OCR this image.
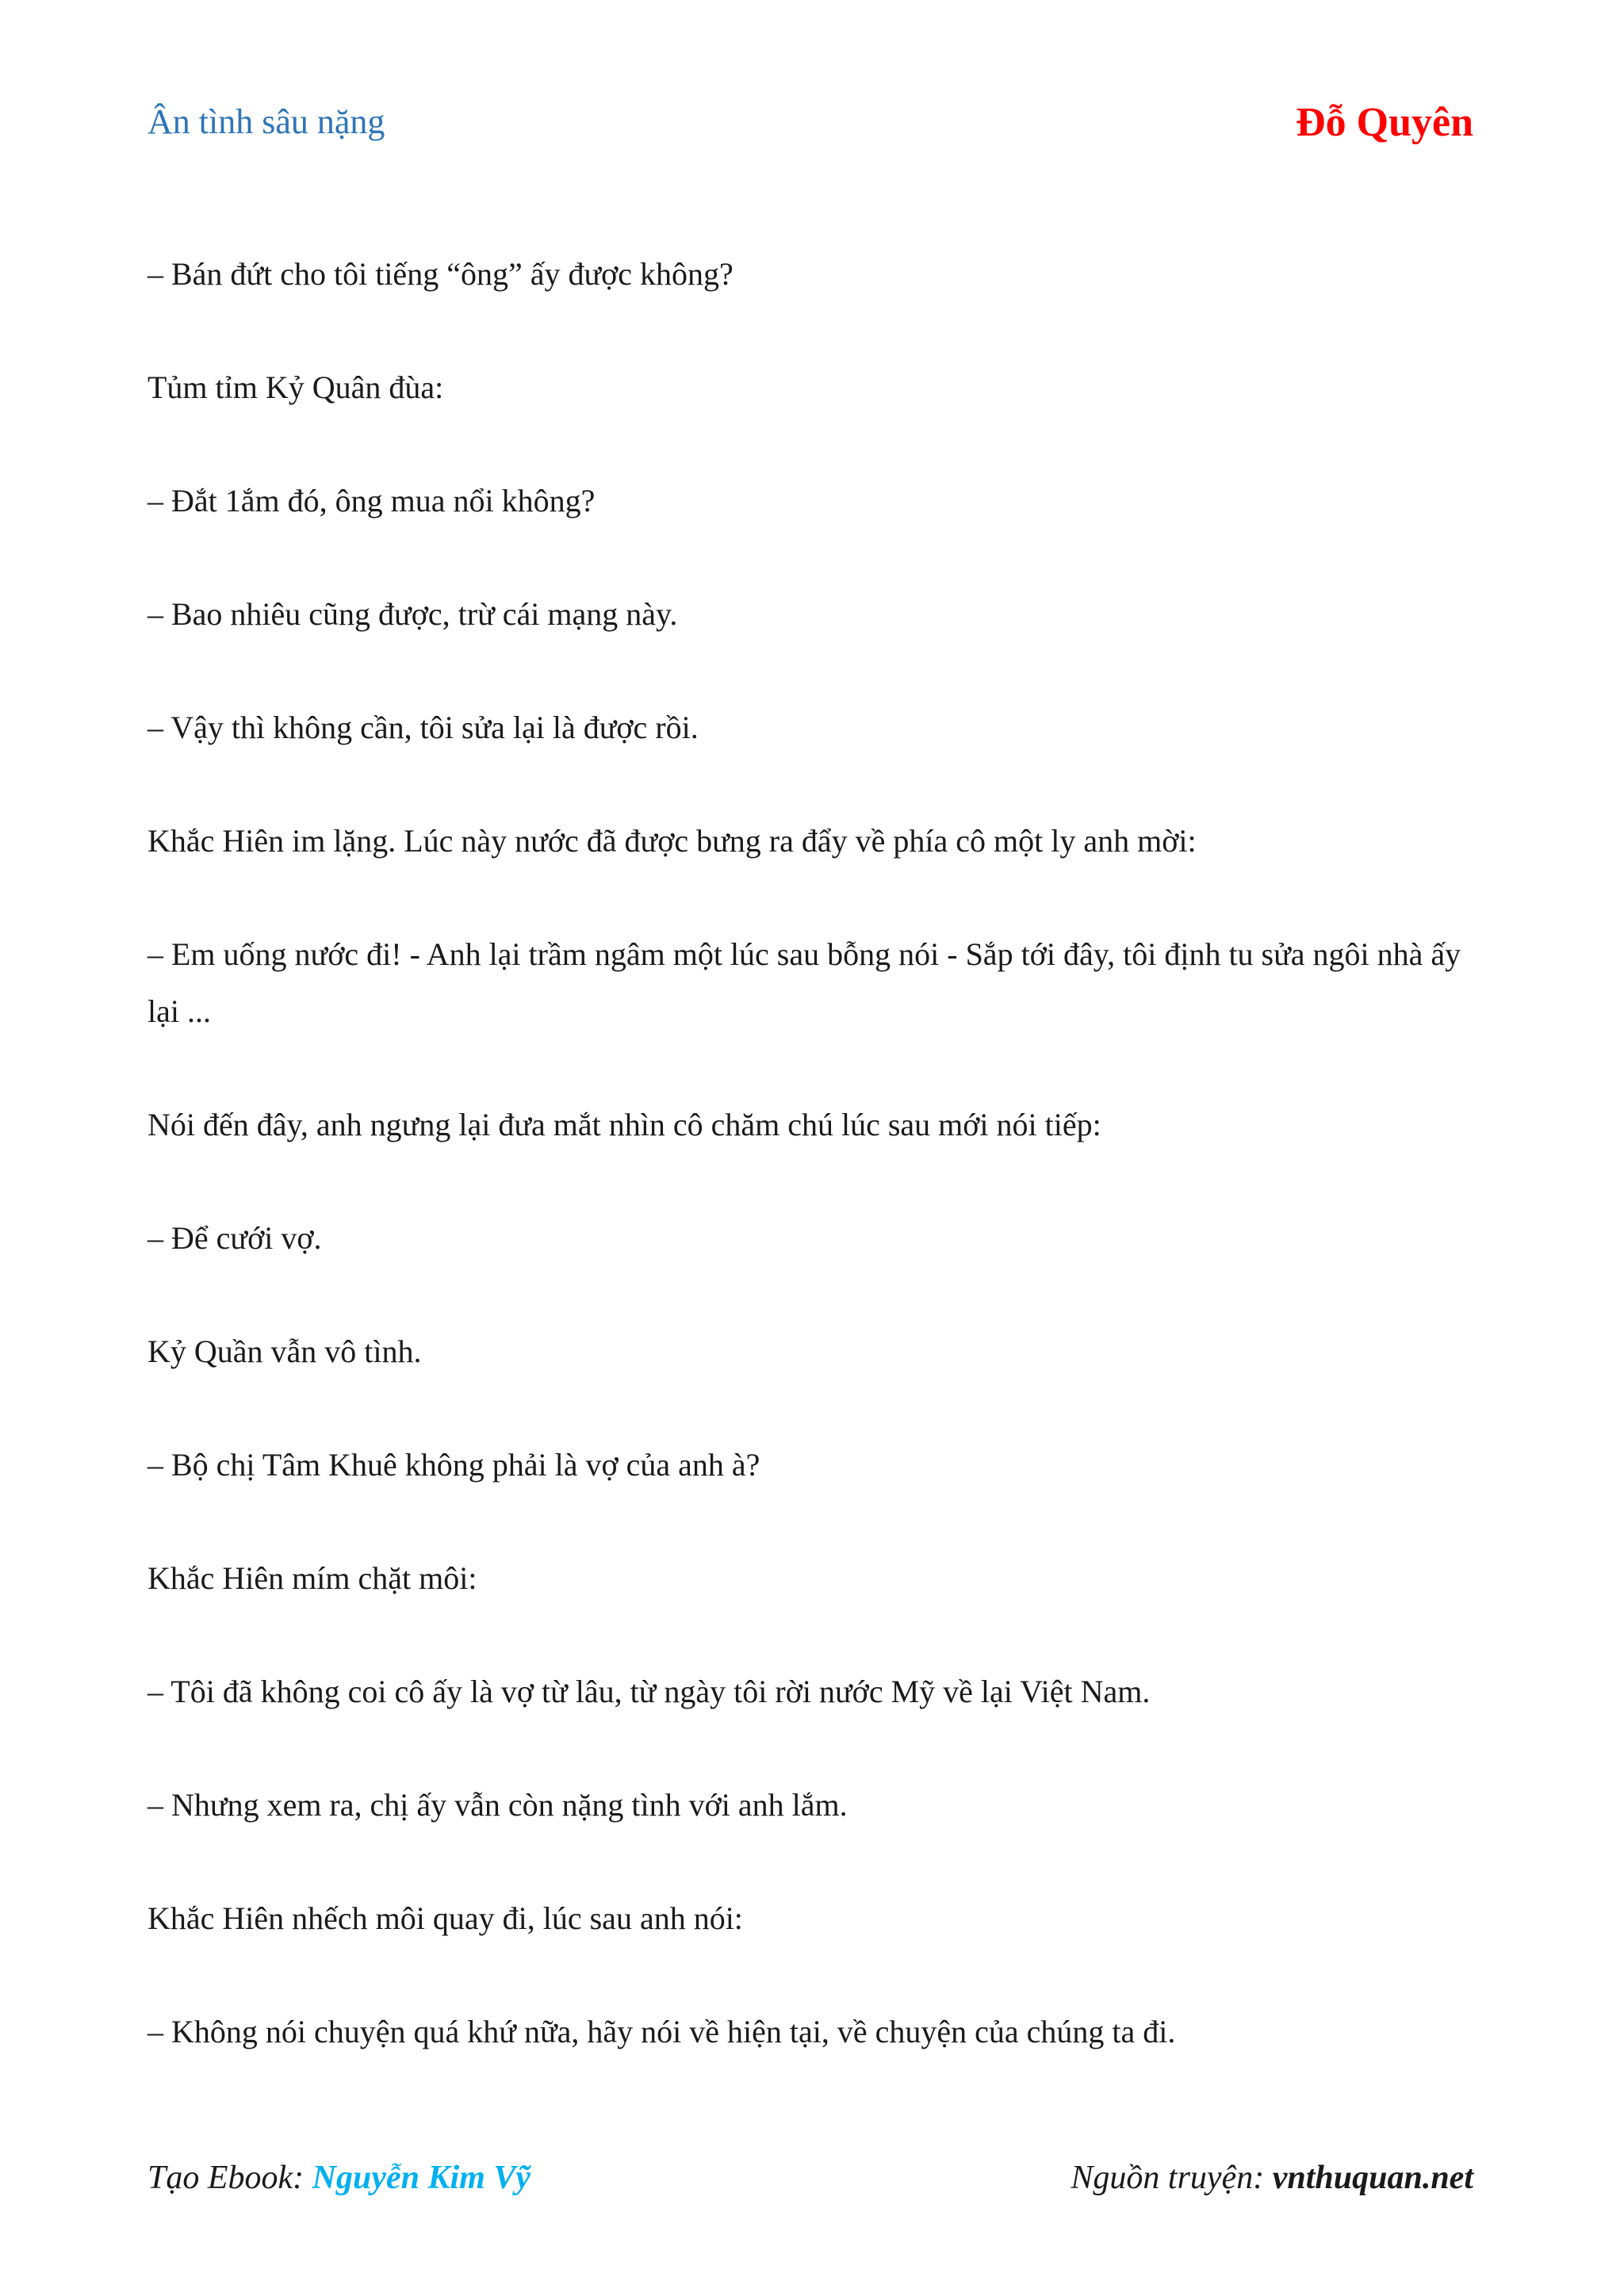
Ân tình sâu nặng	Đỗ Quyên

– Bán đứt cho tôi tiếng “ông” ấy được không?

Tủm tỉm Kỷ Quân đùa:

– Đắt 1ắm đó, ông mua nổi không?

– Bao nhiêu cũng được, trừ cái mạng này.

– Vậy thì không cần, tôi sửa lại là được rồi.

Khắc Hiên im lặng. Lúc này nước đã được bưng ra đẩy về phía cô một ly anh mời:

– Em uống nước đi! - Anh lại trầm ngâm một lúc sau bỗng nói - Sắp tới đây, tôi định tu sửa ngôi nhà ấy lại ...

Nói đến đây, anh ngưng lại đưa mắt nhìn cô chăm chú lúc sau mới nói tiếp:

– Để cưới vợ.

Kỷ Quần vẫn vô tình.

– Bộ chị Tâm Khuê không phải là vợ của anh à?

Khắc Hiên mím chặt môi:

– Tôi đã không coi cô ấy là vợ từ lâu, từ ngày tôi rời nước Mỹ về lại Việt Nam.

– Nhưng xem ra, chị ấy vẫn còn nặng tình với anh lắm.

Khắc Hiên nhếch môi quay đi, lúc sau anh nói:

– Không nói chuyện quá khứ nữa, hãy nói về hiện tại, về chuyện của chúng ta đi.

Tạo Ebook: Nguyễn Kim Vỹ	Nguồn truyện: vnthuquan.net
